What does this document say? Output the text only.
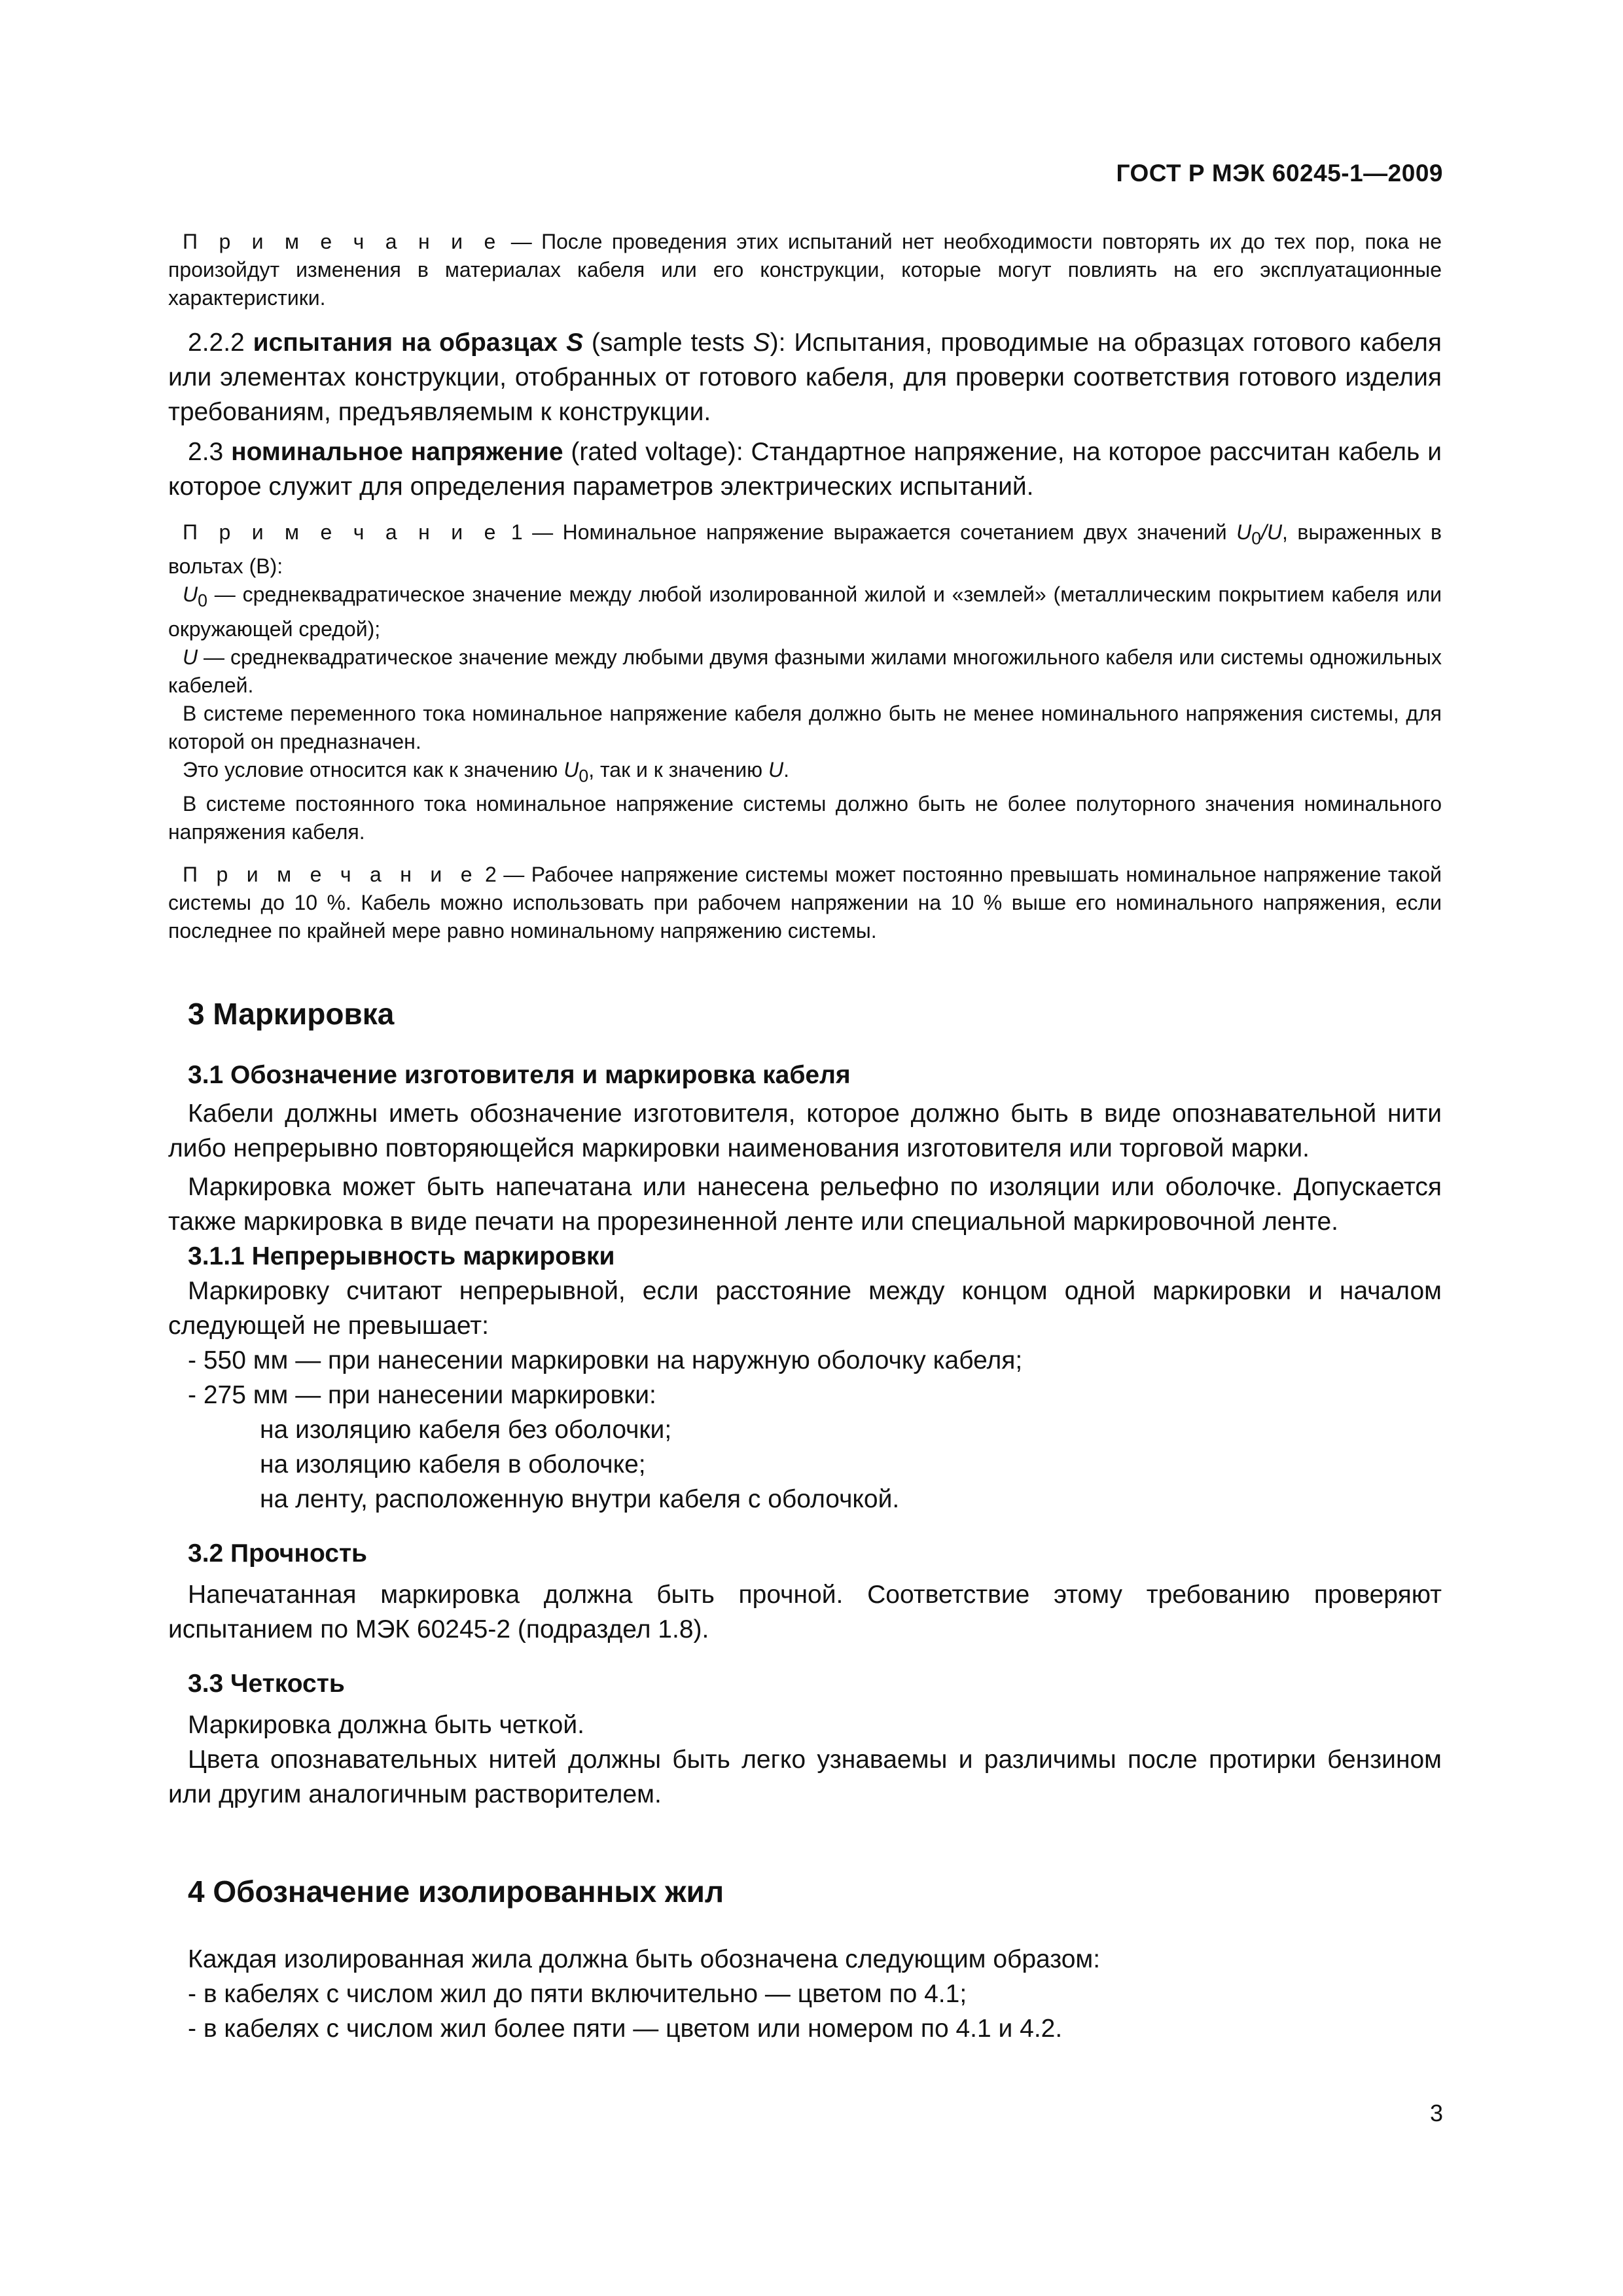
ГОСТ Р МЭК 60245-1—2009

П р и м е ч а н и е — После проведения этих испытаний нет необходимости повторять их до тех пор, пока не произойдут изменения в материалах кабеля или его конструкции, которые могут повлиять на его эксплуатационные характеристики.

2.2.2 испытания на образцах S (sample tests S): Испытания, проводимые на образцах готового кабеля или элементах конструкции, отобранных от готового кабеля, для проверки соответствия готового изделия требованиям, предъявляемым к конструкции.

2.3 номинальное напряжение (rated voltage): Стандартное напряжение, на которое рассчитан кабель и которое служит для определения параметров электрических испытаний.

П р и м е ч а н и е 1 — Номинальное напряжение выражается сочетанием двух значений $U_0/U$, выраженных в вольтах (В):

$U_0$ — среднеквадратическое значение между любой изолированной жилой и «землей» (металлическим покрытием кабеля или окружающей средой);

U — среднеквадратическое значение между любыми двумя фазными жилами многожильного кабеля или системы одножильных кабелей.

В системе переменного тока номинальное напряжение кабеля должно быть не менее номинального напряжения системы, для которой он предназначен.

Это условие относится как к значению $U_0$, так и к значению U.

В системе постоянного тока номинальное напряжение системы должно быть не более полуторного значения номинального напряжения кабеля.

П р и м е ч а н и е 2 — Рабочее напряжение системы может постоянно превышать номинальное напряжение такой системы до 10 %. Кабель можно использовать при рабочем напряжении на 10 % выше его номинального напряжения, если последнее по крайней мере равно номинальному напряжению системы.

3 Маркировка

3.1 Обозначение изготовителя и маркировка кабеля

Кабели должны иметь обозначение изготовителя, которое должно быть в виде опознавательной нити либо непрерывно повторяющейся маркировки наименования изготовителя или торговой марки.

Маркировка может быть напечатана или нанесена рельефно по изоляции или оболочке. Допускается также маркировка в виде печати на прорезиненной ленте или специальной маркировочной ленте.

3.1.1 Непрерывность маркировки

Маркировку считают непрерывной, если расстояние между концом одной маркировки и началом следующей не превышает:

- 550 мм — при нанесении маркировки на наружную оболочку кабеля;

- 275 мм — при нанесении маркировки:

на изоляцию кабеля без оболочки;

на изоляцию кабеля в оболочке;

на ленту, расположенную внутри кабеля с оболочкой.

3.2 Прочность

Напечатанная маркировка должна быть прочной. Соответствие этому требованию проверяют испытанием по МЭК 60245-2 (подраздел 1.8).

3.3 Четкость

Маркировка должна быть четкой.

Цвета опознавательных нитей должны быть легко узнаваемы и различимы после протирки бензином или другим аналогичным растворителем.

4 Обозначение изолированных жил

Каждая изолированная жила должна быть обозначена следующим образом:

- в кабелях с числом жил до пяти включительно — цветом по 4.1;

- в кабелях с числом жил более пяти — цветом или номером по 4.1 и 4.2.

3
